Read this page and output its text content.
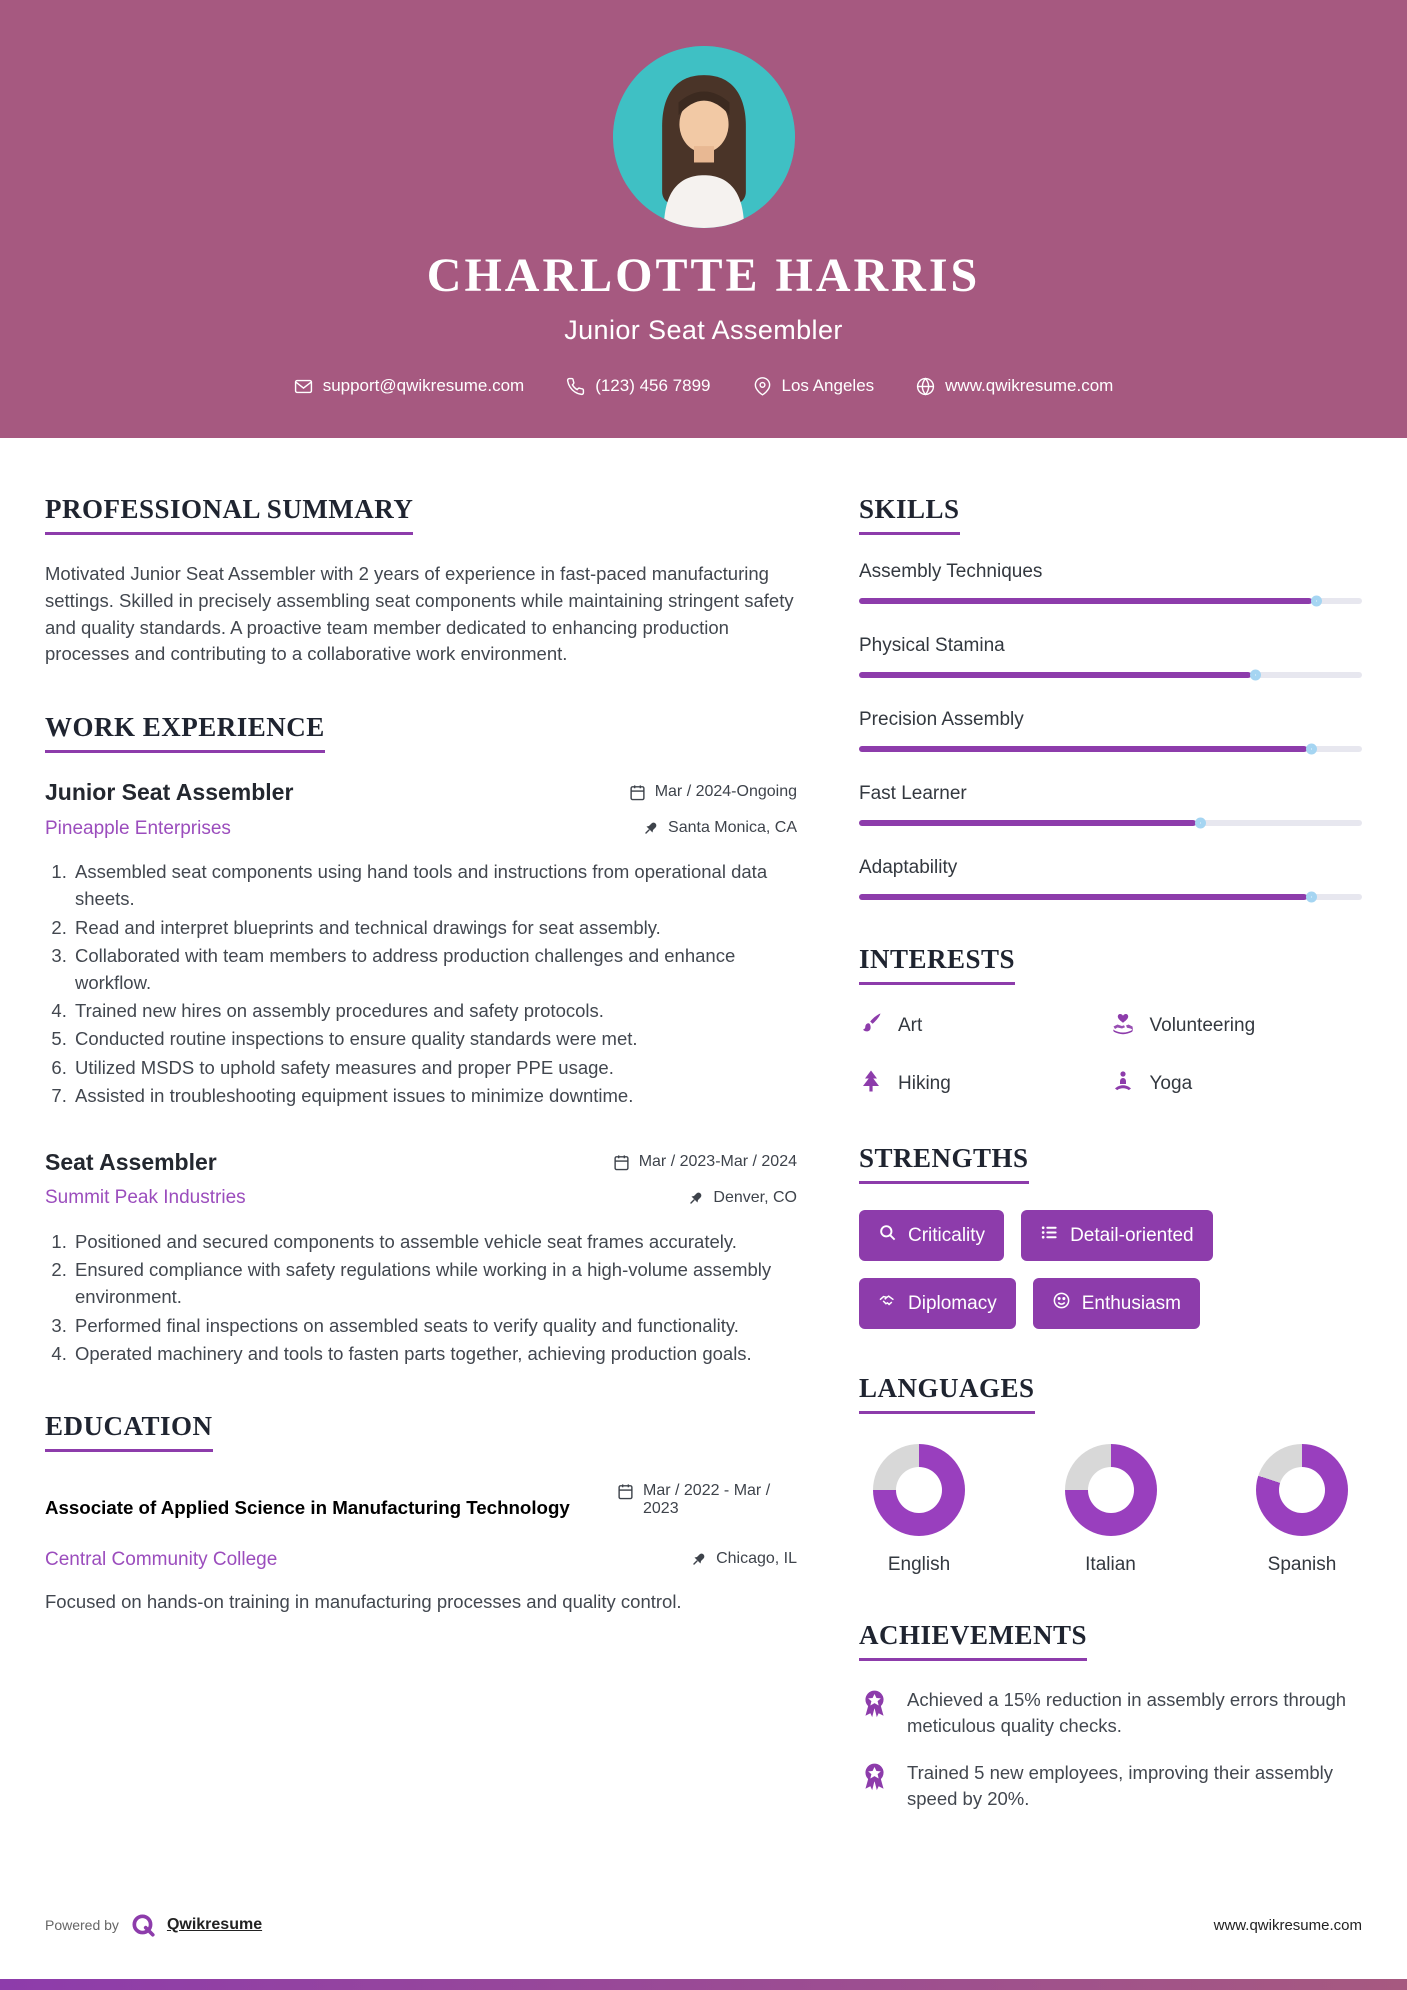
CHARLOTTE HARRIS
Junior Seat Assembler
support@qwikresume.com	(123) 456 7899	Los Angeles	www.qwikresume.com
PROFESSIONAL SUMMARY

Motivated Junior Seat Assembler with 2 years of experience in fast-paced manufacturing settings. Skilled in precisely assembling seat components while maintaining stringent safety and quality standards. A proactive team member dedicated to enhancing production processes and contributing to a collaborative work environment.

WORK EXPERIENCE
Junior Seat Assembler	Mar / 2024-Ongoing
Pineapple Enterprises	Santa Monica, CA
1. Assembled seat components using hand tools and instructions from operational data sheets.
2. Read and interpret blueprints and technical drawings for seat assembly.
3. Collaborated with team members to address production challenges and enhance workflow.
4. Trained new hires on assembly procedures and safety protocols.
5. Conducted routine inspections to ensure quality standards were met.
6. Utilized MSDS to uphold safety measures and proper PPE usage.
7. Assisted in troubleshooting equipment issues to minimize downtime.
Seat Assembler	Mar / 2023-Mar / 2024
Summit Peak Industries	Denver, CO
1. Positioned and secured components to assemble vehicle seat frames accurately.
2. Ensured compliance with safety regulations while working in a high-volume assembly environment.
3. Performed final inspections on assembled seats to verify quality and functionality.
4. Operated machinery and tools to fasten parts together, achieving production goals.
EDUCATION
Associate of Applied Science in Manufacturing Technology
Mar / 2022 - Mar / 2023
Central Community College	Chicago, IL

Focused on hands-on training in manufacturing processes and quality control.

SKILLS
Assembly Techniques
Physical Stamina
Precision Assembly
Fast Learner
Adaptability
INTERESTS
Art	Volunteering
Hiking	Yoga
STRENGTHS
Criticality	Detail-oriented
Diplomacy	Enthusiasm
LANGUAGES
English	Italian	Spanish
ACHIEVEMENTS
Achieved a 15% reduction in assembly errors through meticulous quality checks.
Trained 5 new employees, improving their assembly speed by 20%.
Powered by	Qwikresume	www.qwikresume.com
